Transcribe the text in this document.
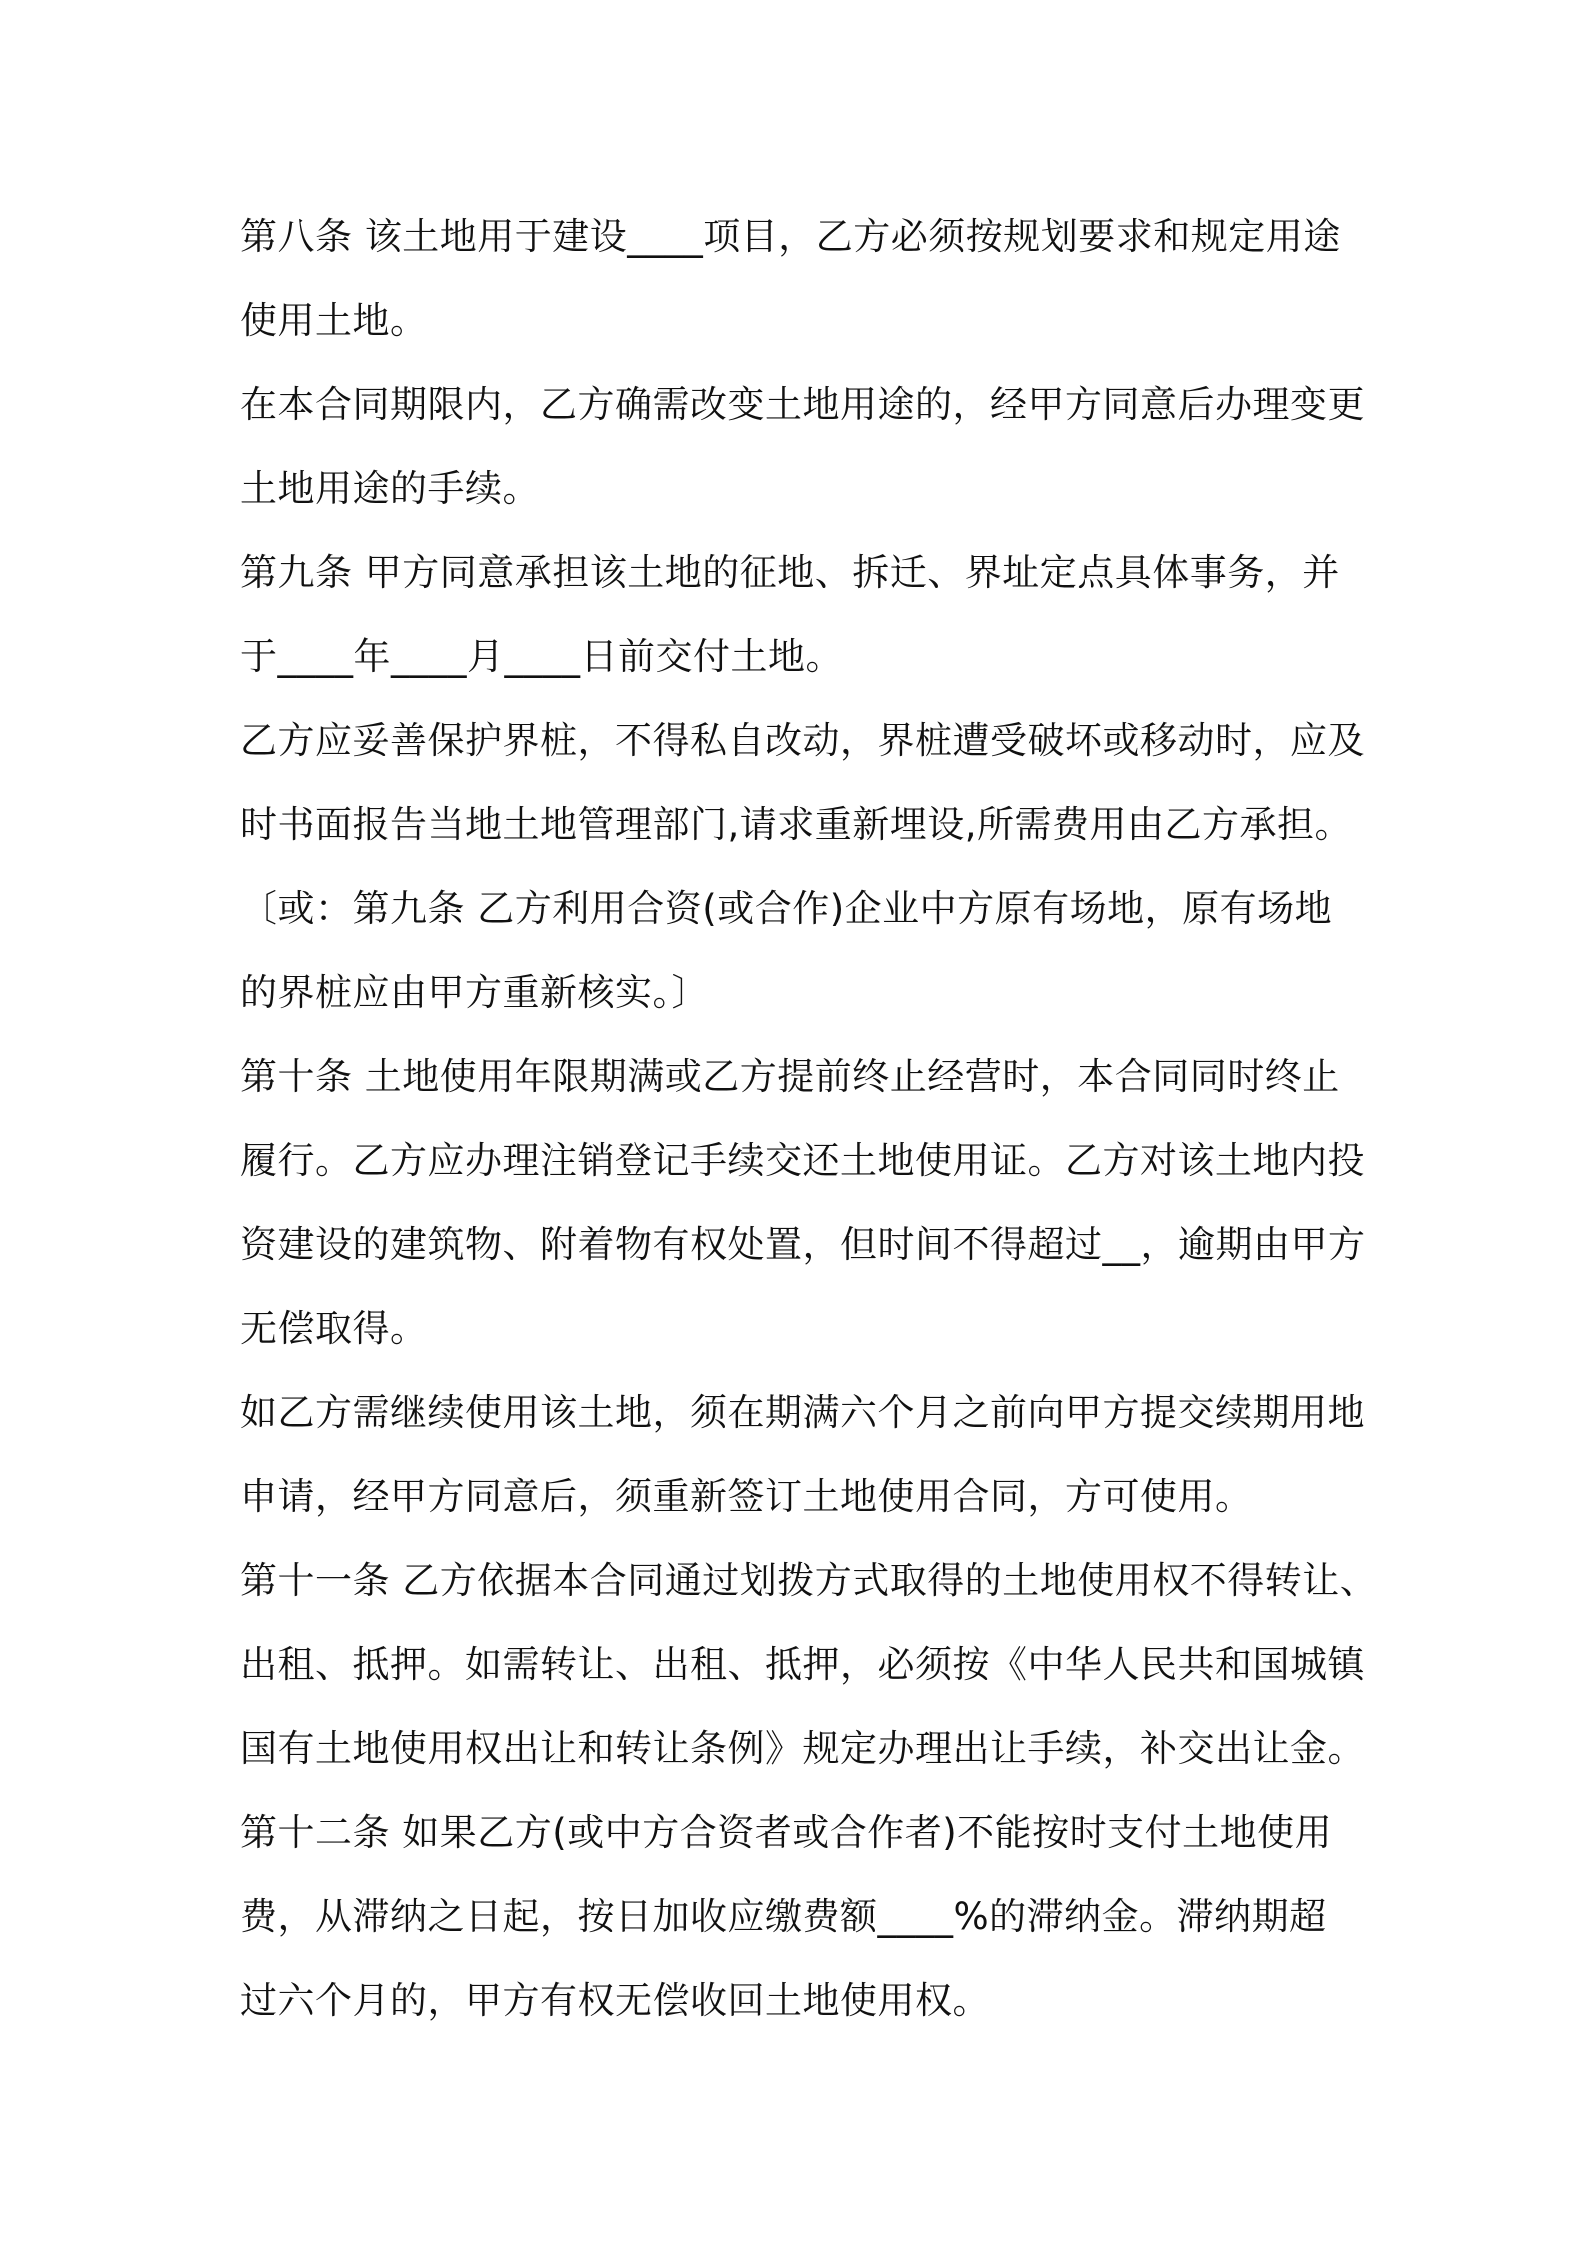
第八条 该土地用于建设____项目，乙方必须按规划要求和规定用途
使用土地。
在本合同期限内，乙方确需改变土地用途的，经甲方同意后办理变更
土地用途的手续。
第九条 甲方同意承担该土地的征地、拆迁、界址定点具体事务，并
于____年____月____日前交付土地。
乙方应妥善保护界桩，不得私自改动，界桩遭受破坏或移动时，应及
时书面报告当地土地管理部门,请求重新埋设,所需费用由乙方承担。
〔或：第九条 乙方利用合资(或合作)企业中方原有场地，原有场地
的界桩应由甲方重新核实。〕
第十条 土地使用年限期满或乙方提前终止经营时，本合同同时终止
履行。乙方应办理注销登记手续交还土地使用证。乙方对该土地内投
资建设的建筑物、附着物有权处置，但时间不得超过__，逾期由甲方
无偿取得。
如乙方需继续使用该土地，须在期满六个月之前向甲方提交续期用地
申请，经甲方同意后，须重新签订土地使用合同，方可使用。
第十一条 乙方依据本合同通过划拨方式取得的土地使用权不得转让、
出租、抵押。如需转让、出租、抵押，必须按《中华人民共和国城镇
国有土地使用权出让和转让条例》规定办理出让手续，补交出让金。
第十二条 如果乙方(或中方合资者或合作者)不能按时支付土地使用
费，从滞纳之日起，按日加收应缴费额____%的滞纳金。滞纳期超
过六个月的，甲方有权无偿收回土地使用权。
